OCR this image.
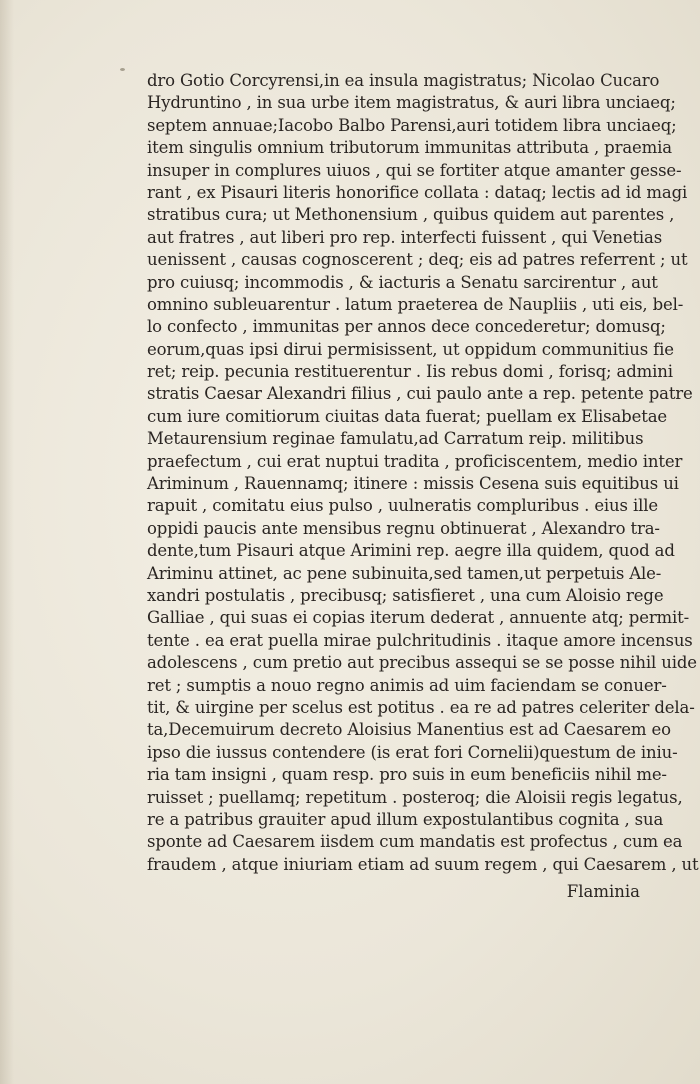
dro Gotio Corcyrensi,in ea insula magistratus; Nicolao Cucaro
Hydruntino , in sua urbe item magistratus, & auri libra unciaeq;
septem annuae;Iacobo Balbo Parensi,auri totidem libra unciaeq;
item singulis omnium tributorum immunitas attributa , praemia
insuper in complures uiuos , qui se fortiter atque amanter gesse-
rant , ex Pisauri literis honorifice collata : dataq; lectis ad id magi
stratibus cura; ut Methonensium , quibus quidem aut parentes ,
aut fratres , aut liberi pro rep. interfecti fuissent , qui Venetias
uenissent , causas cognoscerent ; deq; eis ad patres referrent ; ut
pro cuiusq; incommodis , & iacturis a Senatu sarcirentur , aut
omnino subleuarentur . latum praeterea de Naupliis , uti eis, bel-
lo confecto , immunitas per annos dece concederetur; domusq;
eorum,quas ipsi dirui permisissent, ut oppidum communitius fie
ret; reip. pecunia restituerentur . Iis rebus domi , forisq; admini
stratis Caesar Alexandri filius , cui paulo ante a rep. petente patre
cum iure comitiorum ciuitas data fuerat; puellam ex Elisabetae
Metaurensium reginae famulatu,ad Carratum reip. militibus
praefectum , cui erat nuptui tradita , proficiscentem, medio inter
Ariminum , Rauennamq; itinere : missis Cesena suis equitibus ui
rapuit , comitatu eius pulso , uulneratis compluribus . eius ille
oppidi paucis ante mensibus regnu obtinuerat , Alexandro tra-
dente,tum Pisauri atque Arimini rep. aegre illa quidem, quod ad
Ariminu attinet, ac pene subinuita,sed tamen,ut perpetuis Ale-
xandri postulatis , precibusq; satisfieret , una cum Aloisio rege
Galliae , qui suas ei copias iterum dederat , annuente atq; permit-
tente . ea erat puella mirae pulchritudinis . itaque amore incensus
adolescens , cum pretio aut precibus assequi se se posse nihil uide
ret ; sumptis a nouo regno animis ad uim faciendam se conuer-
tit, & uirgine per scelus est potitus . ea re ad patres celeriter dela-
ta,Decemuirum decreto Aloisius Manentius est ad Caesarem eo
ipso die iussus contendere (is erat fori Cornelii)questum de iniu-
ria tam insigni , quam resp. pro suis in eum beneficiis nihil me-
ruisset ; puellamq; repetitum . posteroq; die Aloisii regis legatus,
re a patribus grauiter apud illum expostulantibus cognita , sua
sponte ad Caesarem iisdem cum mandatis est profectus , cum ea
fraudem , atque iniuriam etiam ad suum regem , qui Caesarem , ut
Flaminia
